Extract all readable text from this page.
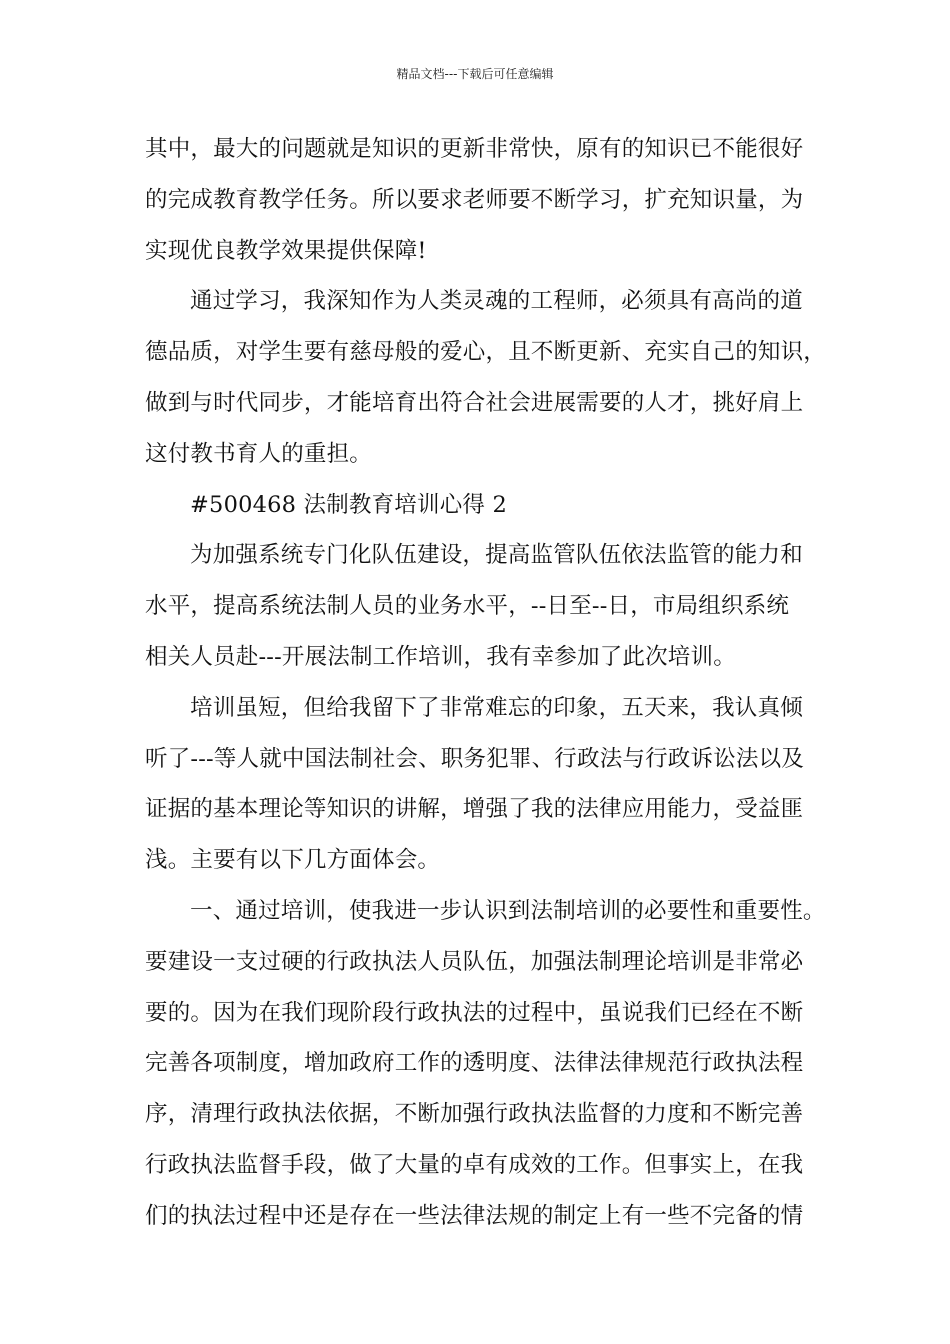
精品文档---下载后可任意编辑
其中，最大的问题就是知识的更新非常快，原有的知识已不能很好
的完成教育教学任务。所以要求老师要不断学习，扩充知识量，为
实现优良教学效果提供保障!
通过学习，我深知作为人类灵魂的工程师，必须具有高尚的道
德品质，对学生要有慈母般的爱心，且不断更新、充实自己的知识，
做到与时代同步，才能培育出符合社会进展需要的人才，挑好肩上
这付教书育人的重担。
#500468 法制教育培训心得 2
为加强系统专门化队伍建设，提高监管队伍依法监管的能力和
水平，提高系统法制人员的业务水平，--日至--日，市局组织系统
相关人员赴---开展法制工作培训，我有幸参加了此次培训。
培训虽短，但给我留下了非常难忘的印象，五天来，我认真倾
听了---等人就中国法制社会、职务犯罪、行政法与行政诉讼法以及
证据的基本理论等知识的讲解，增强了我的法律应用能力，受益匪
浅。主要有以下几方面体会。
一、通过培训，使我进一步认识到法制培训的必要性和重要性。
要建设一支过硬的行政执法人员队伍，加强法制理论培训是非常必
要的。因为在我们现阶段行政执法的过程中，虽说我们已经在不断
完善各项制度，增加政府工作的透明度、法律法律规范行政执法程
序，清理行政执法依据，不断加强行政执法监督的力度和不断完善
行政执法监督手段，做了大量的卓有成效的工作。但事实上，在我
们的执法过程中还是存在一些法律法规的制定上有一些不完备的情
